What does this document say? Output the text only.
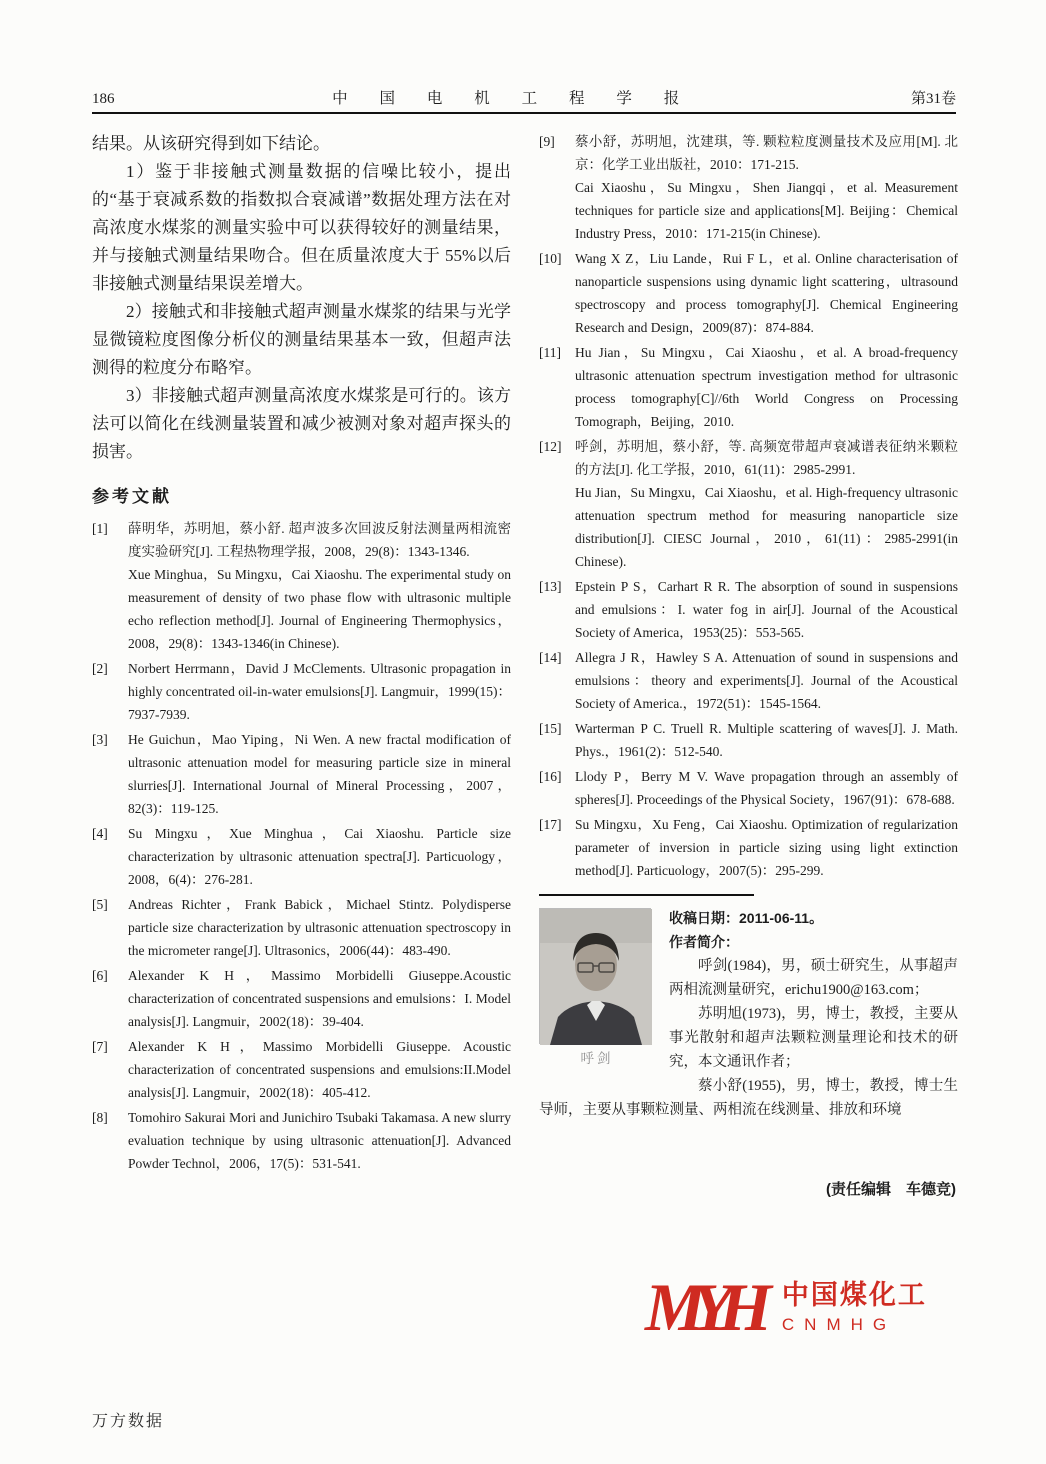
186	中 国 电 机 工 程 学 报	第31卷

结果。从该研究得到如下结论。

1）鉴于非接触式测量数据的信噪比较小，提出的“基于衰减系数的指数拟合衰减谱”数据处理方法在对高浓度水煤浆的测量实验中可以获得较好的测量结果，并与接触式测量结果吻合。但在质量浓度大于 55%以后非接触式测量结果误差增大。

2）接触式和非接触式超声测量水煤浆的结果与光学显微镜粒度图像分析仪的测量结果基本一致，但超声法测得的粒度分布略窄。

3）非接触式超声测量高浓度水煤浆是可行的。该方法可以简化在线测量装置和减少被测对象对超声探头的损害。

参考文献
[1]	薛明华，苏明旭，蔡小舒. 超声波多次回波反射法测量两相流密度实验研究[J]. 工程热物理学报，2008，29(8)：1343-1346.
Xue Minghua，Su Mingxu，Cai Xiaoshu. The experimental study on measurement of density of two phase flow with ultrasonic multiple echo reflection method[J]. Journal of Engineering Thermophysics，2008，29(8)：1343-1346(in Chinese).
[2]	Norbert Herrmann，David J McClements. Ultrasonic propagation in highly concentrated oil-in-water emulsions[J]. Langmuir，1999(15)：7937-7939.
[3]	He Guichun，Mao Yiping，Ni Wen. A new fractal modification of ultrasonic attenuation model for measuring particle size in mineral slurries[J]. International Journal of Mineral Processing，2007，82(3)：119-125.
[4]	Su Mingxu，Xue Minghua，Cai Xiaoshu. Particle size characterization by ultrasonic attenuation spectra[J]. Particuology，2008，6(4)：276-281.
[5]	Andreas Richter，Frank Babick，Michael Stintz. Polydisperse particle size characterization by ultrasonic attenuation spectroscopy in the micrometer range[J]. Ultrasonics，2006(44)：483-490.
[6]	Alexander K H，Massimo Morbidelli Giuseppe.Acoustic characterization of concentrated suspensions and emulsions：I. Model analysis[J]. Langmuir，2002(18)：39-404.
[7]	Alexander K H，Massimo Morbidelli Giuseppe. Acoustic characterization of concentrated suspensions and emulsions:II.Model analysis[J]. Langmuir，2002(18)：405-412.
[8]	Tomohiro Sakurai Mori and Junichiro Tsubaki Takamasa. A new slurry evaluation technique by using ultrasonic attenuation[J]. Advanced Powder Technol，2006，17(5)：531-541.
[9]	蔡小舒，苏明旭，沈建琪，等. 颗粒粒度测量技术及应用[M]. 北京：化学工业出版社，2010：171-215.
Cai Xiaoshu，Su Mingxu，Shen Jiangqi，et al. Measurement techniques for particle size and applications[M]. Beijing：Chemical Industry Press，2010：171-215(in Chinese).
[10]	Wang X Z，Liu Lande，Rui F L，et al. Online characterisation of nanoparticle suspensions using dynamic light scattering，ultrasound spectroscopy and process tomography[J]. Chemical Engineering Research and Design，2009(87)：874-884.
[11]	Hu Jian，Su Mingxu，Cai Xiaoshu，et al. A broad-frequency ultrasonic attenuation spectrum investigation method for ultrasonic process tomography[C]//6th World Congress on Processing Tomograph，Beijing，2010.
[12]	呼剑，苏明旭，蔡小舒，等. 高频宽带超声衰减谱表征纳米颗粒的方法[J]. 化工学报，2010，61(11)：2985-2991.
Hu Jian，Su Mingxu，Cai Xiaoshu，et al. High-frequency ultrasonic attenuation spectrum method for measuring nanoparticle size distribution[J]. CIESC Journal，2010，61(11)：2985-2991(in Chinese).
[13]	Epstein P S，Carhart R R. The absorption of sound in suspensions and emulsions：I. water fog in air[J]. Journal of the Acoustical Society of America，1953(25)：553-565.
[14]	Allegra J R，Hawley S A. Attenuation of sound in suspensions and emulsions：theory and experiments[J]. Journal of the Acoustical Society of America.，1972(51)：1545-1564.
[15]	Warterman P C. Truell R. Multiple scattering of waves[J]. J. Math. Phys.，1961(2)：512-540.
[16]	Llody P，Berry M V. Wave propagation through an assembly of spheres[J]. Proceedings of the Physical Society，1967(91)：678-688.
[17]	Su Mingxu，Xu Feng，Cai Xiaoshu. Optimization of regularization parameter of inversion in particle sizing using light extinction method[J]. Particuology，2007(5)：295-299.
呼剑

收稿日期：2011-06-11。

作者简介：

呼剑(1984)，男，硕士研究生，从事超声两相流测量研究，erichu1900@163.com；

苏明旭(1973)，男，博士，教授，主要从事光散射和超声法颗粒测量理论和技术的研究，本文通讯作者；

蔡小舒(1955)，男，博士，教授，博士生导师，主要从事颗粒测量、两相流在线测量、排放和环境

(责任编辑　车德竞)

MYH 中国煤化工
CNMHG
万方数据
